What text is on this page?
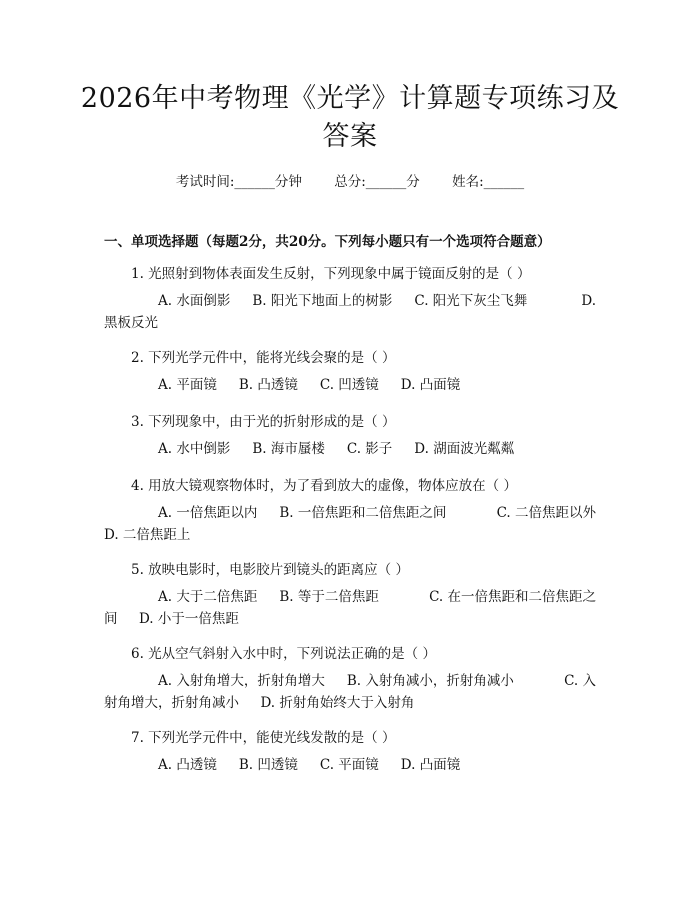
2026年中考物理《光学》计算题专项练习及
答案
考试时间:______分钟 总分:______分 姓名:______
一、单项选择题（每题2分，共20分。下列每小题只有一个选项符合题意）
1. 光照射到物体表面发生反射，下列现象中属于镜面反射的是（ ）
A. 水面倒影 B. 阳光下地面上的树影 C. 阳光下灰尘飞舞	D.
黑板反光
2. 下列光学元件中，能将光线会聚的是（ ）
A. 平面镜 B. 凸透镜 C. 凹透镜 D. 凸面镜
3. 下列现象中，由于光的折射形成的是（ ）
A. 水中倒影 B. 海市蜃楼 C. 影子 D. 湖面波光粼粼
4. 用放大镜观察物体时，为了看到放大的虚像，物体应放在（ ）
A. 一倍焦距以内 B. 一倍焦距和二倍焦距之间	C. 二倍焦距以外
D. 二倍焦距上
5. 放映电影时，电影胶片到镜头的距离应（ ）
A. 大于二倍焦距 B. 等于二倍焦距	C. 在一倍焦距和二倍焦距之
间     D. 小于一倍焦距
6. 光从空气斜射入水中时，下列说法正确的是（ ）
A. 入射角增大，折射角增大 B. 入射角减小，折射角减小	C. 入
射角增大，折射角减小     D. 折射角始终大于入射角
7. 下列光学元件中，能使光线发散的是（ ）
A. 凸透镜 B. 凹透镜 C. 平面镜 D. 凸面镜
